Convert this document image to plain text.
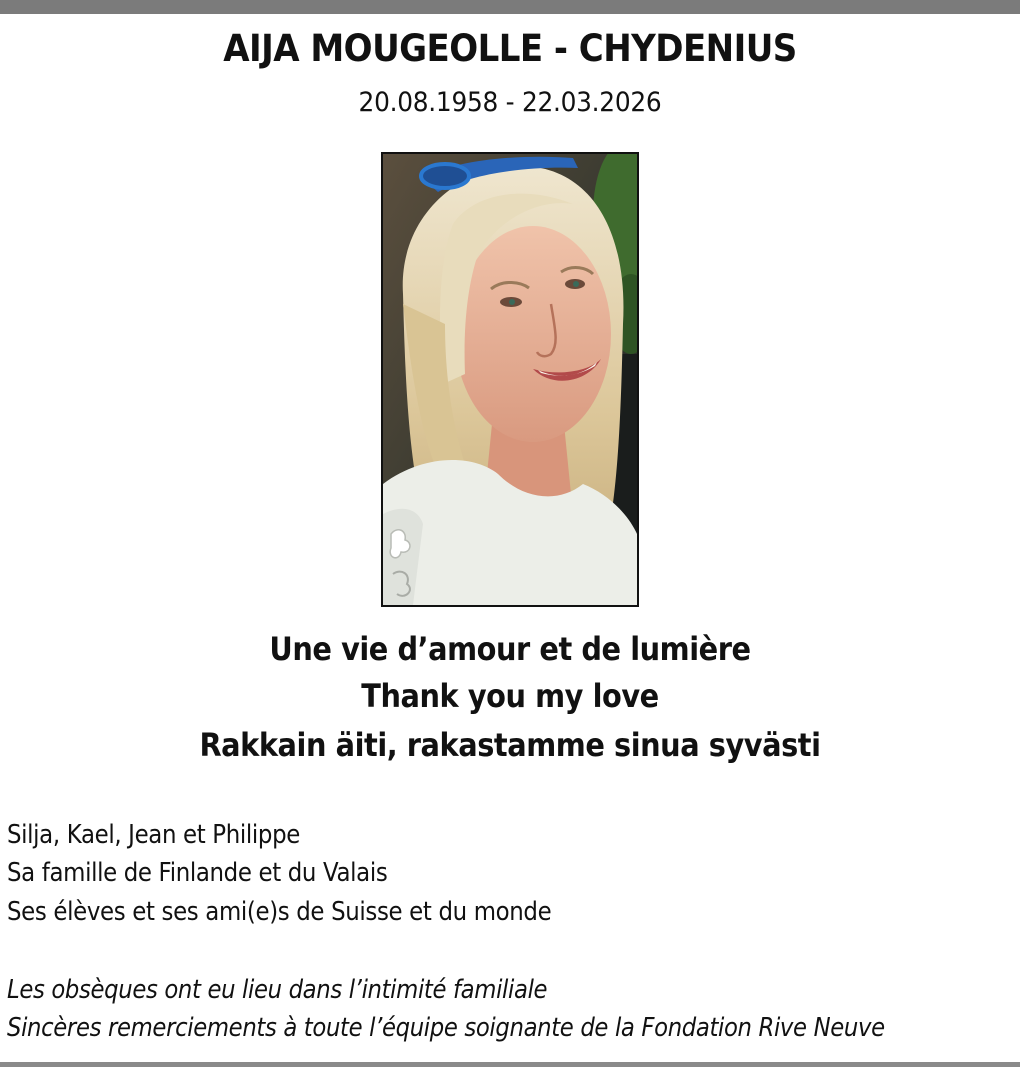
AIJA MOUGEOLLE - CHYDENIUS
20.08.1958 - 22.03.2026
Une vie d’amour et de lumière
Thank you my love
Rakkain äiti, rakastamme sinua syvästi
Silja, Kael, Jean et Philippe
Sa famille de Finlande et du Valais
Ses élèves et ses ami(e)s de Suisse et du monde
Les obsèques ont eu lieu dans l’intimité familiale
Sincères remerciements à toute l’équipe soignante de la Fondation Rive Neuve
